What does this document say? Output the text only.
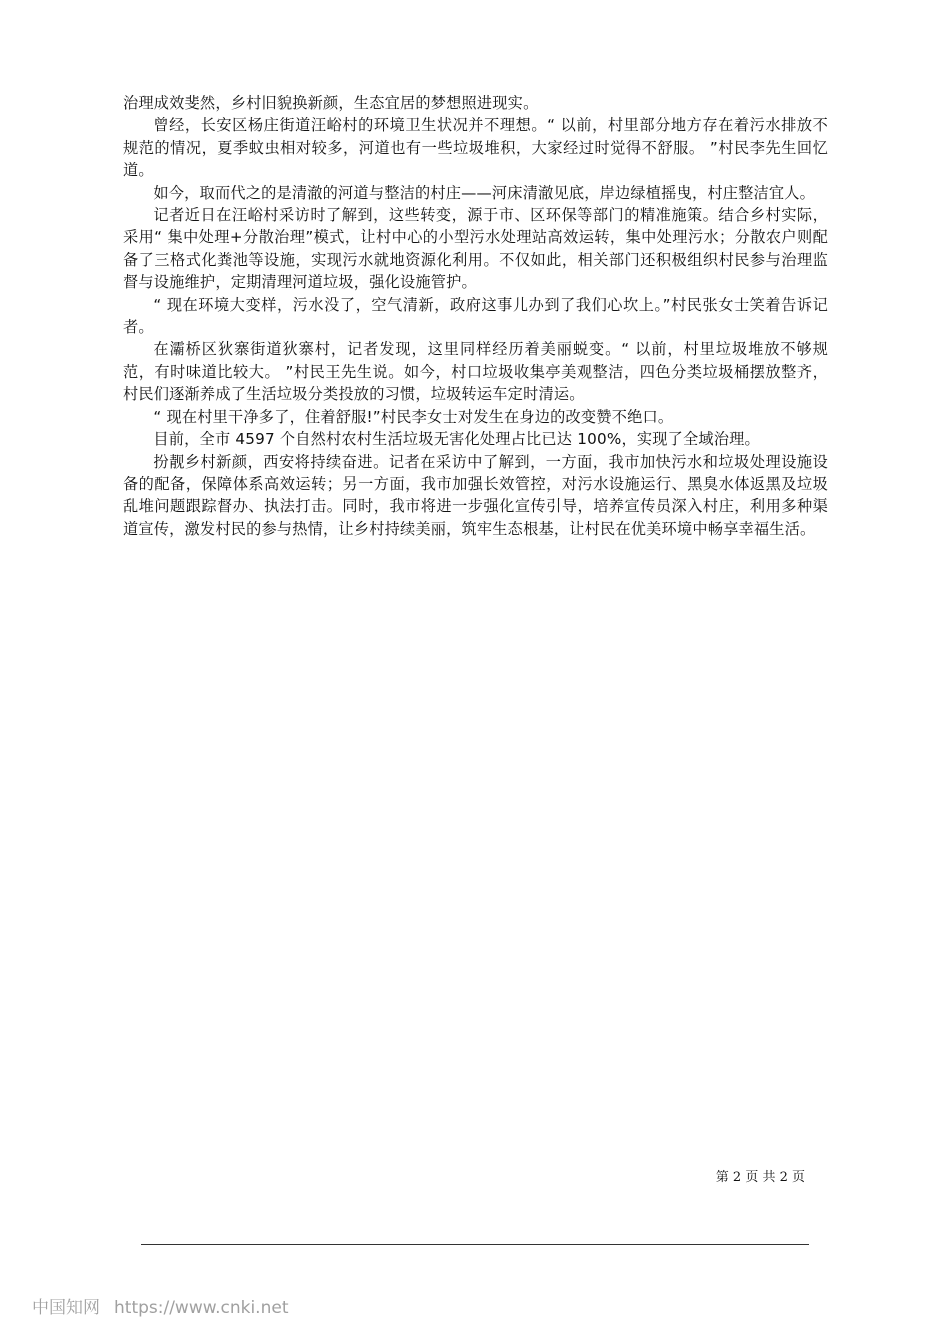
治理成效斐然，乡村旧貌换新颜，生态宜居的梦想照进现实。

曾经，长安区杨庄街道汪峪村的环境卫生状况并不理想。“ 以前，村里部分地方存在着污水排放不规范的情况，夏季蚊虫相对较多，河道也有一些垃圾堆积，大家经过时觉得不舒服。 ”村民李先生回忆道。

如今，取而代之的是清澈的河道与整洁的村庄——河床清澈见底，岸边绿植摇曳，村庄整洁宜人。

记者近日在汪峪村采访时了解到，这些转变，源于市、区环保等部门的精准施策。结合乡村实际，采用“ 集中处理+分散治理”模式，让村中心的小型污水处理站高效运转，集中处理污水；分散农户则配备了三格式化粪池等设施，实现污水就地资源化利用。不仅如此，相关部门还积极组织村民参与治理监督与设施维护，定期清理河道垃圾，强化设施管护。

“ 现在环境大变样，污水没了，空气清新，政府这事儿办到了我们心坎上。”村民张女士笑着告诉记者。

在灞桥区狄寨街道狄寨村，记者发现，这里同样经历着美丽蜕变。“ 以前，村里垃圾堆放不够规范，有时味道比较大。 ”村民王先生说。如今，村口垃圾收集亭美观整洁，四色分类垃圾桶摆放整齐，村民们逐渐养成了生活垃圾分类投放的习惯，垃圾转运车定时清运。

“ 现在村里干净多了，住着舒服!”村民李女士对发生在身边的改变赞不绝口。

目前，全市 4597 个自然村农村生活垃圾无害化处理占比已达 100%，实现了全域治理。

扮靓乡村新颜，西安将持续奋进。记者在采访中了解到，一方面，我市加快污水和垃圾处理设施设备的配备，保障体系高效运转；另一方面，我市加强长效管控，对污水设施运行、黑臭水体返黑及垃圾乱堆问题跟踪督办、执法打击。同时，我市将进一步强化宣传引导，培养宣传员深入村庄，利用多种渠道宣传，激发村民的参与热情，让乡村持续美丽，筑牢生态根基，让村民在优美环境中畅享幸福生活。

第 2 页 共 2 页
中国知网 https://www.cnki.net
